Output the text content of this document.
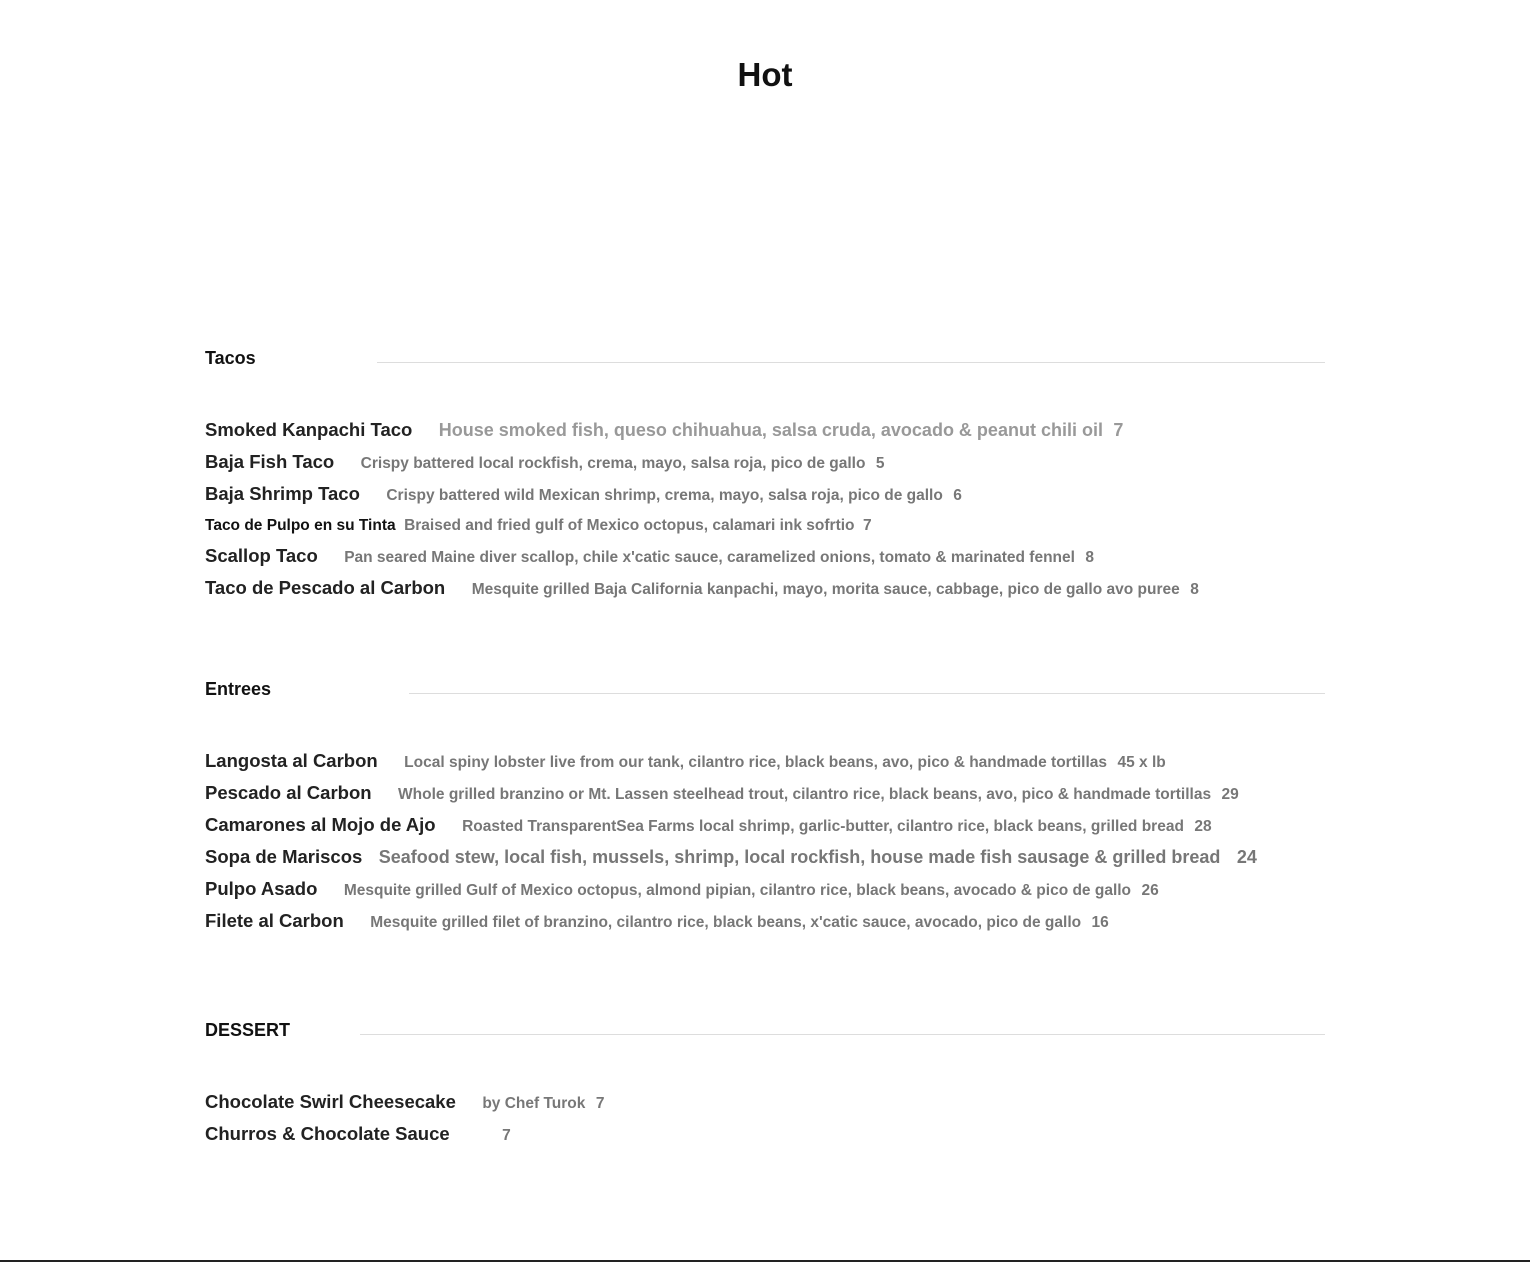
Hot
Tacos
Smoked Kanpachi Taco House smoked fish, queso chihuahua, salsa cruda, avocado & peanut chili oil 7
Baja Fish Taco Crispy battered local rockfish, crema, mayo, salsa roja, pico de gallo 5
Baja Shrimp Taco Crispy battered wild Mexican shrimp, crema, mayo, salsa roja, pico de gallo 6
Taco de Pulpo en su Tinta Braised and fried gulf of Mexico octopus, calamari ink sofrtio 7
Scallop Taco Pan seared Maine diver scallop, chile x'catic sauce, caramelized onions, tomato & marinated fennel 8
Taco de Pescado al Carbon Mesquite grilled Baja California kanpachi, mayo, morita sauce, cabbage, pico de gallo avo puree 8
Entrees
Langosta al Carbon Local spiny lobster live from our tank, cilantro rice, black beans, avo, pico & handmade tortillas 45 x lb
Pescado al Carbon Whole grilled branzino or Mt. Lassen steelhead trout, cilantro rice, black beans, avo, pico & handmade tortillas 29
Camarones al Mojo de Ajo Roasted TransparentSea Farms local shrimp, garlic-butter, cilantro rice, black beans, grilled bread 28
Sopa de Mariscos Seafood stew, local fish, mussels, shrimp, local rockfish, house made fish sausage & grilled bread 24
Pulpo Asado Mesquite grilled Gulf of Mexico octopus, almond pipian, cilantro rice, black beans, avocado & pico de gallo 26
Filete al Carbon Mesquite grilled filet of branzino, cilantro rice, black beans, x'catic sauce, avocado, pico de gallo 16
DESSERT
Chocolate Swirl Cheesecake by Chef Turok 7
Churros & Chocolate Sauce	7
